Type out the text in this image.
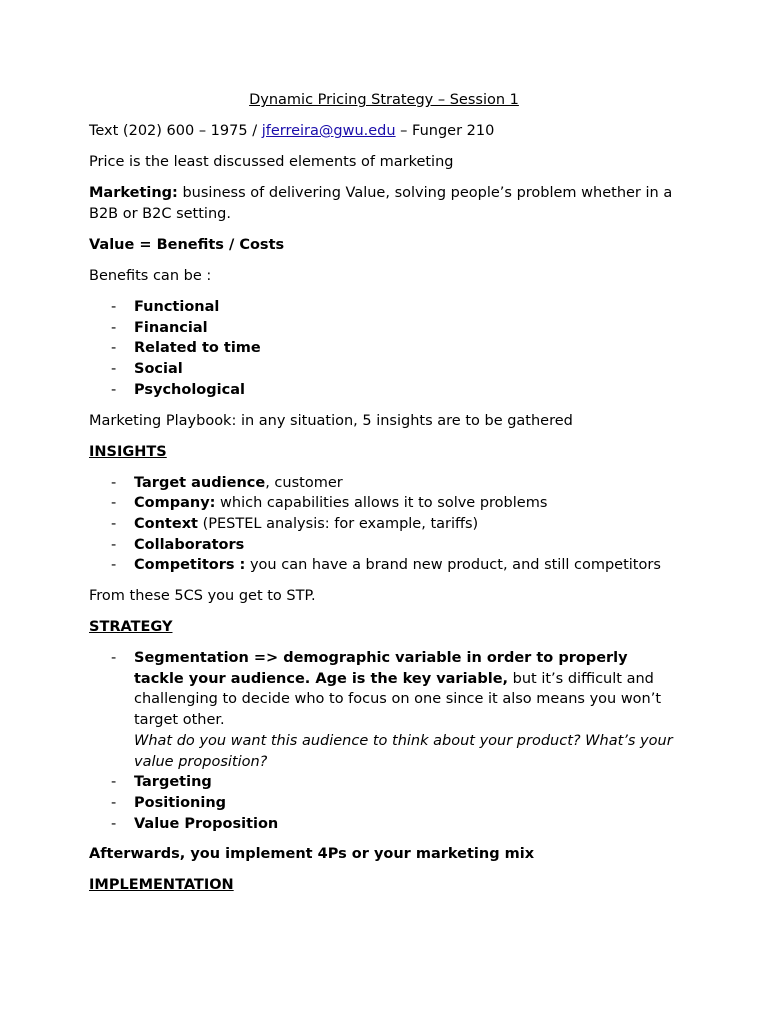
Dynamic Pricing Strategy – Session 1

Text (202) 600 – 1975 / jferreira@gwu.edu – Funger 210

Price is the least discussed elements of marketing

Marketing: business of delivering Value, solving people’s problem whether in a B2B or B2C setting.

Value = Benefits / Costs

Benefits can be :

- Functional
- Financial
- Related to time
- Social
- Psychological

Marketing Playbook: in any situation, 5 insights are to be gathered

INSIGHTS

- Target audience, customer
- Company: which capabilities allows it to solve problems
- Context (PESTEL analysis: for example, tariffs)
- Collaborators
- Competitors : you can have a brand new product, and still competitors

From these 5CS you get to STP.

STRATEGY

- Segmentation => demographic variable in order to properly tackle your audience. Age is the key variable, but it’s difficult and challenging to decide who to focus on one since it also means you won’t target other.
What do you want this audience to think about your product? What’s your value proposition?
- Targeting
- Positioning
- Value Proposition

Afterwards, you implement 4Ps or your marketing mix

IMPLEMENTATION
